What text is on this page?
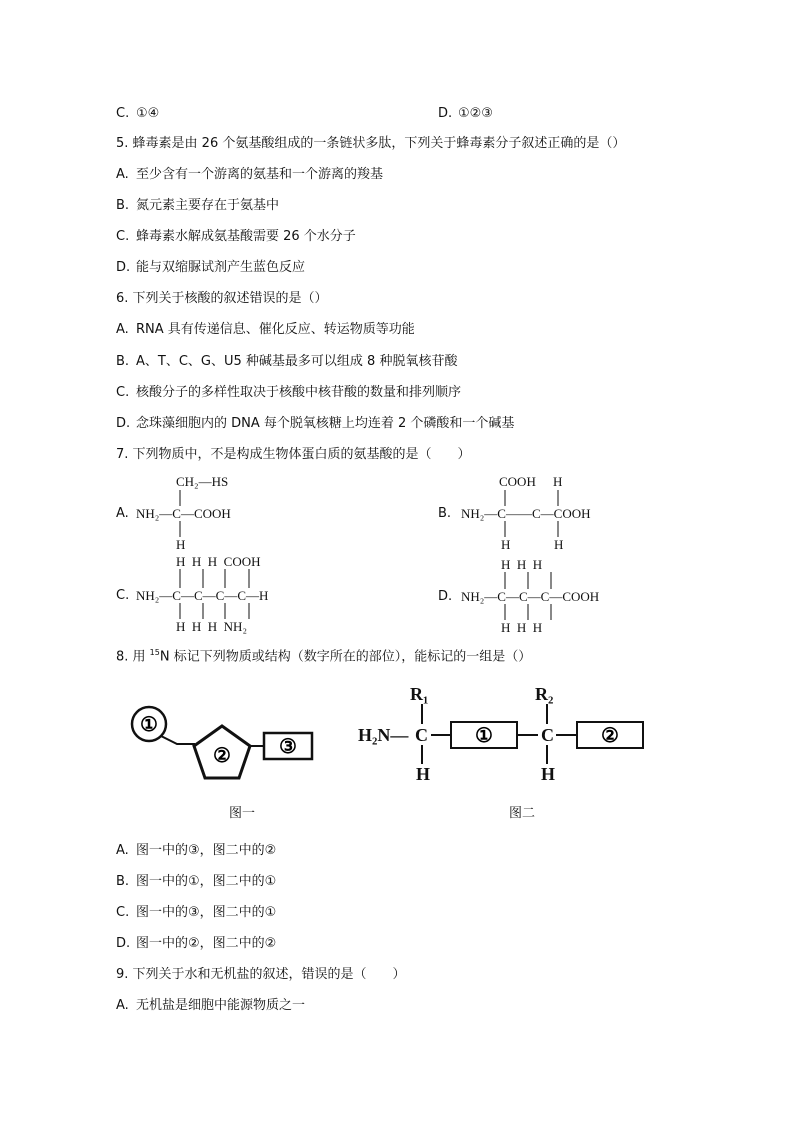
C. ①④	D. ①②③
5. 蜂毒素是由 26 个氨基酸组成的一条链状多肽，下列关于蜂毒素分子叙述正确的是（）
A. 至少含有一个游离的氨基和一个游离的羧基
B. 氮元素主要存在于氨基中
C. 蜂毒素水解成氨基酸需要 26 个水分子
D. 能与双缩脲试剂产生蓝色反应
6. 下列关于核酸的叙述错误的是（）
A. RNA 具有传递信息、催化反应、转运物质等功能
B. A、T、C、G、U5 种碱基最多可以组成 8 种脱氧核苷酸
C. 核酸分子的多样性取决于核酸中核苷酸的数量和排列顺序
D. 念珠藻细胞内的 DNA 每个脱氧核糖上均连着 2 个磷酸和一个碱基
7. 下列物质中，不是构成生物体蛋白质的氨基酸的是（　　）
A.
CH₂—HS
NH₂—C—COOH
H
B.
COOH H
NH₂—C——C—COOH
H	H
C.
H  H  H  COOH
NH₂—C—C—C—C—H
H  H  H  NH₂
D.
H  H  H
NH₂—C—C—C—COOH
H  H  H
8. 用 $^{15}$N 标记下列物质或结构（数字所在的部位），能标记的一组是（）
①
② ③
图一
R₁	R₂
H₂N— C	C
H	H
①	②
图二
A. 图一中的③，图二中的②
B. 图一中的①，图二中的①
C. 图一中的③，图二中的①
D. 图一中的②，图二中的②
9. 下列关于水和无机盐的叙述，错误的是（　　）
A. 无机盐是细胞中能源物质之一
